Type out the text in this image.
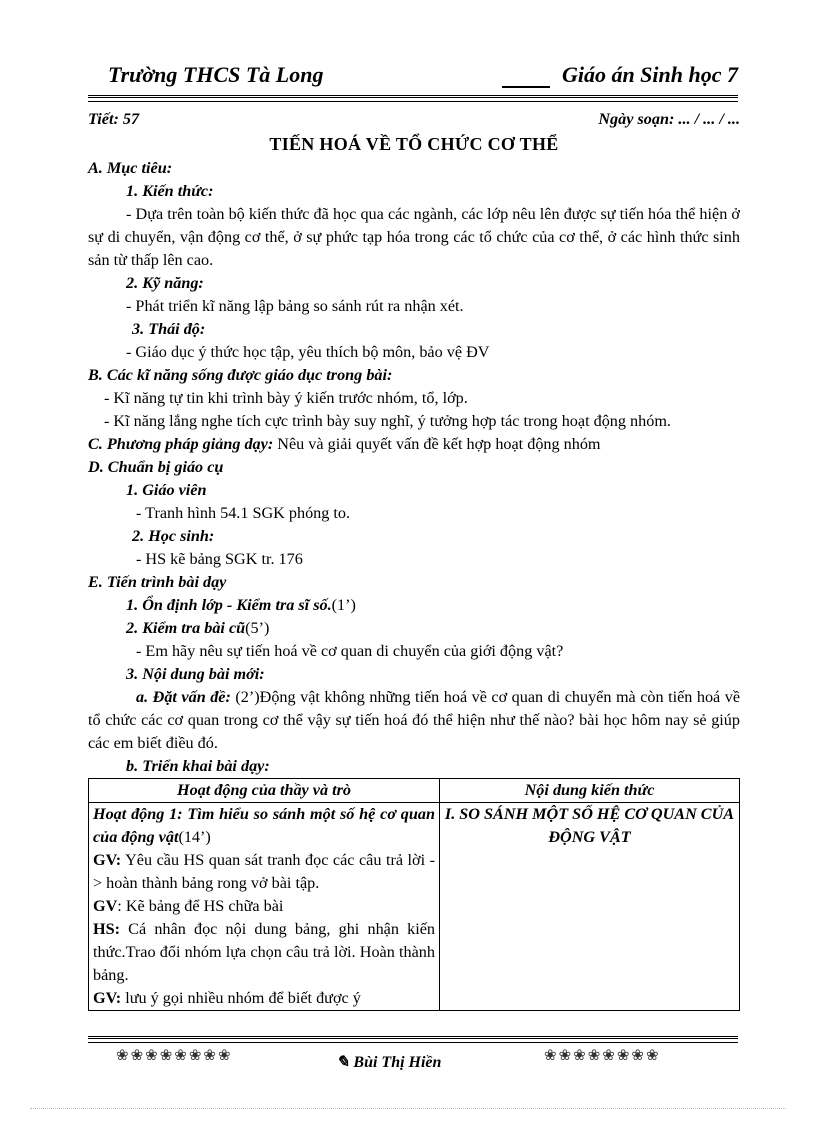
Trường THCS Tà Long	Giáo án Sinh học 7
Tiết: 57	Ngày soạn: ... / ... / ...
TIẾN HOÁ VỀ TỔ CHỨC CƠ THỂ
A. Mục tiêu:
1. Kiến thức:

- Dựa trên toàn bộ kiến thức đã học qua các ngành, các lớp nêu lên được sự tiến hóa thể hiện ở sự di chuyển, vận động cơ thể, ở sự phức tạp hóa trong các tổ chức của cơ thể, ở các hình thức sinh sản từ thấp lên cao.

2. Kỹ năng:

- Phát triển kĩ năng lập bảng so sánh rút ra nhận xét.

3. Thái độ:

- Giáo dục ý thức học tập, yêu thích bộ môn, bảo vệ ĐV

B. Các kĩ năng sống được giáo dục trong bài:

- Kĩ năng tự tin khi trình bày ý kiến trước nhóm, tổ, lớp.

- Kĩ năng lắng nghe tích cực trình bày suy nghĩ, ý tưởng hợp tác trong hoạt động nhóm.

C. Phương pháp giảng dạy: Nêu và giải quyết vấn đề kết hợp hoạt động nhóm
D. Chuẩn bị giáo cụ
1. Giáo viên

- Tranh hình 54.1 SGK phóng to.

2. Học sinh:

- HS kẽ bảng SGK tr. 176

E. Tiến trình bài dạy
1. Ổn định lớp - Kiểm tra sĩ số.(1’)
2. Kiểm tra bài cũ(5’)

- Em hãy nêu sự tiến hoá về cơ quan di chuyển của giới động vật?

3. Nội dung bài mới:

a. Đặt vấn đề: (2’)Động vật không những tiến hoá về cơ quan di chuyển mà còn tiến hoá về tổ chức các cơ quan trong cơ thể vậy sự tiến hoá đó thể hiện như thế nào? bài học hôm nay sẻ giúp các em biết điều đó.

b. Triển khai bài dạy:
Hoạt động của thầy và trò	Nội dung kiến thức

Hoạt động 1: Tìm hiểu so sánh một số hệ cơ quan của động vật(14’)

GV: Yêu cầu HS quan sát tranh đọc các câu trả lời -> hoàn thành bảng rong vở bài tập.

GV: Kẽ bảng để HS chữa bài

HS: Cá nhân đọc nội dung bảng, ghi nhận kiến thức.Trao đổi nhóm lựa chọn câu trả lời. Hoàn thành bảng.

GV: lưu ý gọi nhiều nhóm để biết được ý	I. SO SÁNH MỘT SỐ HỆ CƠ QUAN CỦA ĐỘNG VẬT

❀❀❀❀❀❀❀❀	✎ Bùi Thị Hiền	❀❀❀❀❀❀❀❀
